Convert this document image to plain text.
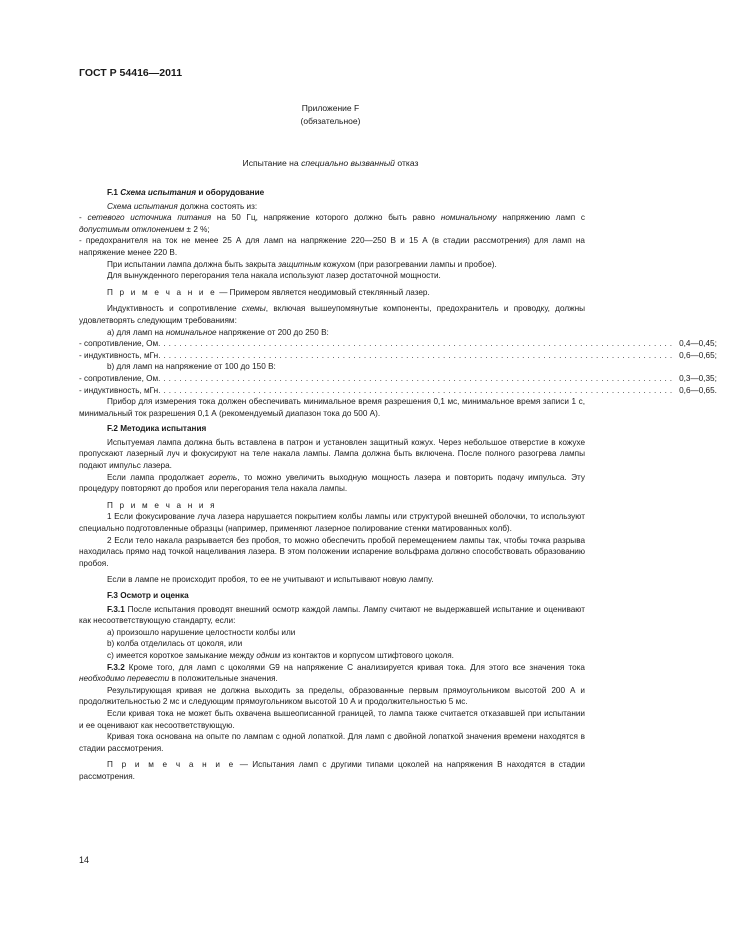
ГОСТ Р 54416—2011
Приложение F
(обязательное)
Испытание на специально вызванный отказ

F.1 Схема испытания и оборудование

Схема испытания должна состоять из:

- сетевого источника питания на 50 Гц, напряжение которого должно быть равно номинальному напряжению ламп с допустимым отклонением ± 2 %;

- предохранителя на ток не менее 25 А для ламп на напряжение 220—250 В и 15 А (в стадии рассмотрения) для ламп на напряжение менее 220 В.

При испытании лампа должна быть закрыта защитным кожухом (при разогревании лампы и пробое).

Для вынужденного перегорания тела накала используют лазер достаточной мощности.

П р и м е ч а н и е — Примером является неодимовый стеклянный лазер.

Индуктивность и сопротивление схемы, включая вышеупомянутые компоненты, предохранитель и проводку, должны удовлетворять следующим требованиям:

a) для ламп на номинальное напряжение от 200 до 250 В:

- сопротивление, Ом .................................................................................................. 0,4—0,45;
- индуктивность, мГн .................................................................................................. 0,6—0,65;

b) для ламп на напряжение от 100 до 150 В:

- сопротивление, Ом .................................................................................................. 0,3—0,35;
- индуктивность, мГн .................................................................................................. 0,6—0,65.

Прибор для измерения тока должен обеспечивать минимальное время разрешения 0,1 мс, минимальное время записи 1 с, минимальный ток разрешения 0,1 А (рекомендуемый диапазон тока до 500 А).

F.2 Методика испытания

Испытуемая лампа должна быть вставлена в патрон и установлен защитный кожух. Через небольшое отверстие в кожухе пропускают лазерный луч и фокусируют на теле накала лампы. Лампа должна быть включена. После полного разогрева лампы подают импульс лазера.

Если лампа продолжает гореть, то можно увеличить выходную мощность лазера и повторить подачу импульса. Эту процедуру повторяют до пробоя или перегорания тела накала лампы.

П р и м е ч а н и я

1 Если фокусирование луча лазера нарушается покрытием колбы лампы или структурой внешней оболочки, то используют специально подготовленные образцы (например, применяют лазерное полирование стенки матированных колб).

2 Если тело накала разрывается без пробоя, то можно обеспечить пробой перемещением лампы так, чтобы точка разрыва находилась прямо над точкой нацеливания лазера. В этом положении испарение вольфрама должно способствовать образованию пробоя.

Если в лампе не происходит пробоя, то ее не учитывают и испытывают новую лампу.

F.3 Осмотр и оценка

F.3.1 После испытания проводят внешний осмотр каждой лампы. Лампу считают не выдержавшей испытание и оценивают как несоответствующую стандарту, если:

a) произошло нарушение целостности колбы или

b) колба отделилась от цоколя, или

c) имеется короткое замыкание между одним из контактов и корпусом штифтового цоколя.

F.3.2 Кроме того, для ламп с цоколями G9 на напряжение С анализируется кривая тока. Для этого все значения тока необходимо перевести в положительные значения.

Результирующая кривая не должна выходить за пределы, образованные первым прямоугольником высотой 200 А и продолжительностью 2 мс и следующим прямоугольником высотой 10 А и продолжительностью 5 мс.

Если кривая тока не может быть охвачена вышеописанной границей, то лампа также считается отказавшей при испытании и ее оценивают как несоответствующую.

Кривая тока основана на опыте по лампам с одной лопаткой. Для ламп с двойной лопаткой значения времени находятся в стадии рассмотрения.

П р и м е ч а н и е — Испытания ламп с другими типами цоколей на напряжения В находятся в стадии рассмотрения.

14
